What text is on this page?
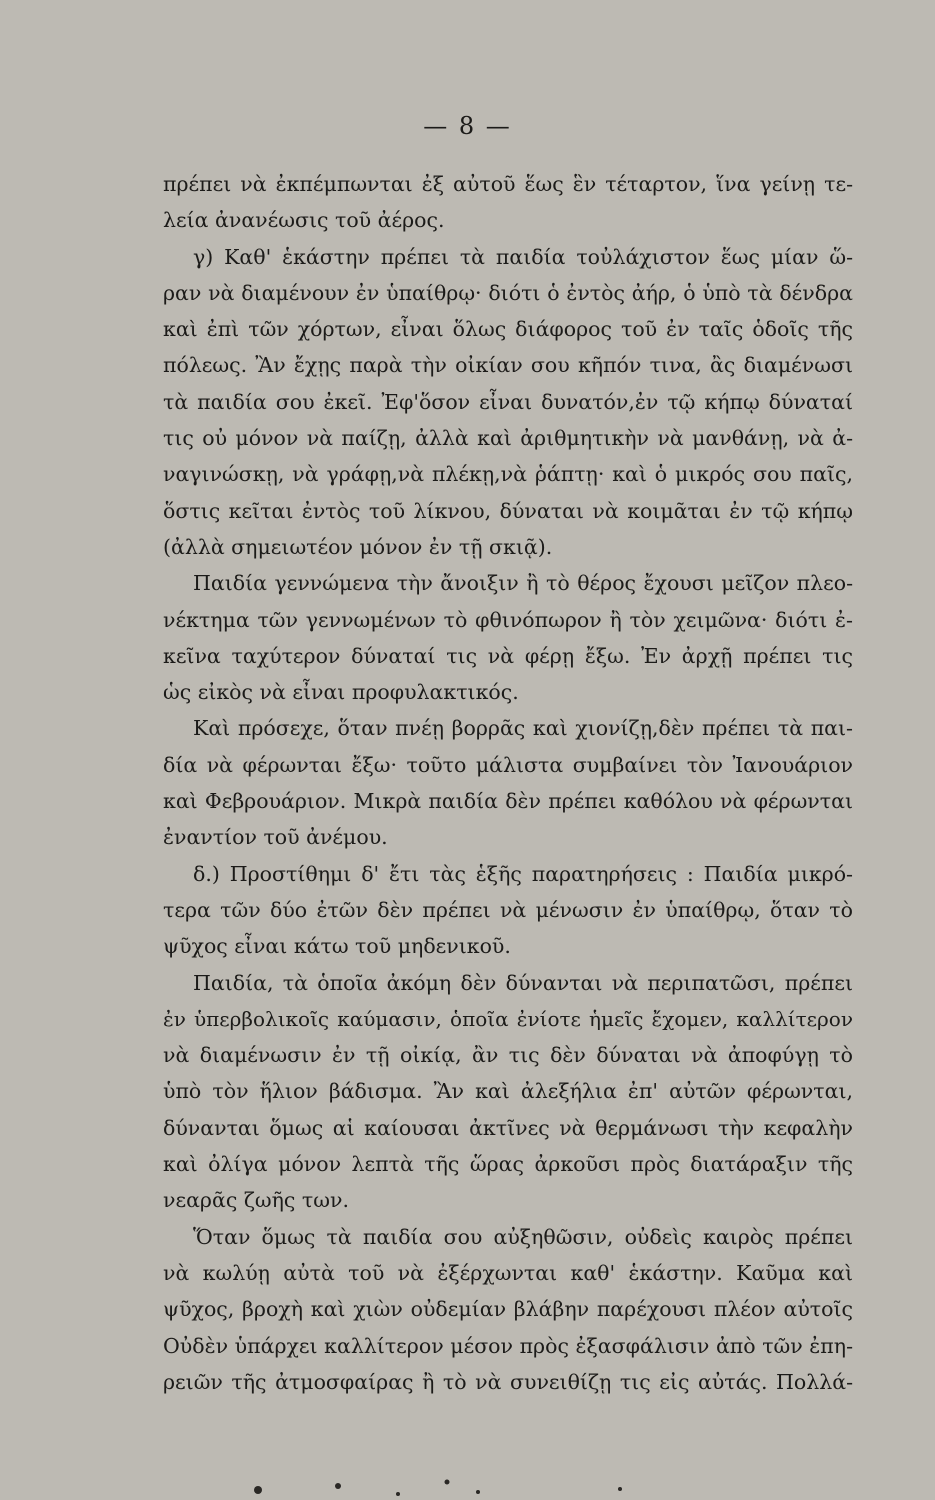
— 8 —
πρέπει νὰ ἐκπέμπωνται ἐξ αὐτοῦ ἕως ἓν τέταρτον, ἵνα γείνῃ τε-
λεία ἀνανέωσις τοῦ ἀέρος.
γ) Καθ' ἑκάστην πρέπει τὰ παιδία τοὐλάχιστον ἕως μίαν ὥ-
ραν νὰ διαμένουν ἐν ὑπαίθρῳ· διότι ὁ ἐντὸς ἀήρ, ὁ ὑπὸ τὰ δένδρα
καὶ ἐπὶ τῶν χόρτων, εἶναι ὅλως διάφορος τοῦ ἐν ταῖς ὁδοῖς τῆς
πόλεως. Ἂν ἔχῃς παρὰ τὴν οἰκίαν σου κῆπόν τινα, ἂς διαμένωσι
τὰ παιδία σου ἐκεῖ. Ἐφ'ὅσον εἶναι δυνατόν,ἐν τῷ κήπῳ δύναταί
τις οὐ μόνον νὰ παίζῃ, ἀλλὰ καὶ ἀριθμητικὴν νὰ μανθάνῃ, νὰ ἀ-
ναγινώσκῃ, νὰ γράφῃ,νὰ πλέκῃ,νὰ ῥάπτῃ· καὶ ὁ μικρός σου παῖς,
ὅστις κεῖται ἐντὸς τοῦ λίκνου, δύναται νὰ κοιμᾶται ἐν τῷ κήπῳ
(ἀλλὰ σημειωτέον μόνον ἐν τῇ σκιᾷ).
Παιδία γεννώμενα τὴν ἄνοιξιν ἢ τὸ θέρος ἔχουσι μεῖζον πλεο-
νέκτημα τῶν γεννωμένων τὸ φθινόπωρον ἢ τὸν χειμῶνα· διότι ἐ-
κεῖνα ταχύτερον δύναταί τις νὰ φέρῃ ἔξω. Ἐν ἀρχῇ πρέπει τις
ὡς εἰκὸς νὰ εἶναι προφυλακτικός.
Καὶ πρόσεχε, ὅταν πνέῃ βορρᾶς καὶ χιονίζῃ,δὲν πρέπει τὰ παι-
δία νὰ φέρωνται ἔξω· τοῦτο μάλιστα συμβαίνει τὸν Ἰανουάριον
καὶ Φεβρουάριον. Μικρὰ παιδία δὲν πρέπει καθόλου νὰ φέρωνται
ἐναντίον τοῦ ἀνέμου.
δ.) Προστίθημι δ' ἔτι τὰς ἑξῆς παρατηρήσεις : Παιδία μικρό-
τερα τῶν δύο ἐτῶν δὲν πρέπει νὰ μένωσιν ἐν ὑπαίθρῳ, ὅταν τὸ
ψῦχος εἶναι κάτω τοῦ μηδενικοῦ.
Παιδία, τὰ ὁποῖα ἀκόμη δὲν δύνανται νὰ περιπατῶσι, πρέπει
ἐν ὑπερβολικοῖς καύμασιν, ὁποῖα ἐνίοτε ἡμεῖς ἔχομεν, καλλίτερον
νὰ διαμένωσιν ἐν τῇ οἰκίᾳ, ἂν τις δὲν δύναται νὰ ἀποφύγῃ τὸ
ὑπὸ τὸν ἥλιον βάδισμα. Ἂν καὶ ἀλεξήλια ἐπ' αὐτῶν φέρωνται,
δύνανται ὅμως αἱ καίουσαι ἀκτῖνες νὰ θερμάνωσι τὴν κεφαλὴν
καὶ ὀλίγα μόνον λεπτὰ τῆς ὥρας ἀρκοῦσι πρὸς διατάραξιν τῆς
νεαρᾶς ζωῆς των.
Ὅταν ὅμως τὰ παιδία σου αὐξηθῶσιν, οὐδεὶς καιρὸς πρέπει
νὰ κωλύῃ αὐτὰ τοῦ νὰ ἐξέρχωνται καθ' ἑκάστην. Καῦμα καὶ
ψῦχος, βροχὴ καὶ χιὼν οὐδεμίαν βλάβην παρέχουσι πλέον αὐτοῖς
Οὐδὲν ὑπάρχει καλλίτερον μέσον πρὸς ἐξασφάλισιν ἀπὸ τῶν ἐπη-
ρειῶν τῆς ἀτμοσφαίρας ἢ τὸ νὰ συνειθίζῃ τις εἰς αὐτάς. Πολλά-
